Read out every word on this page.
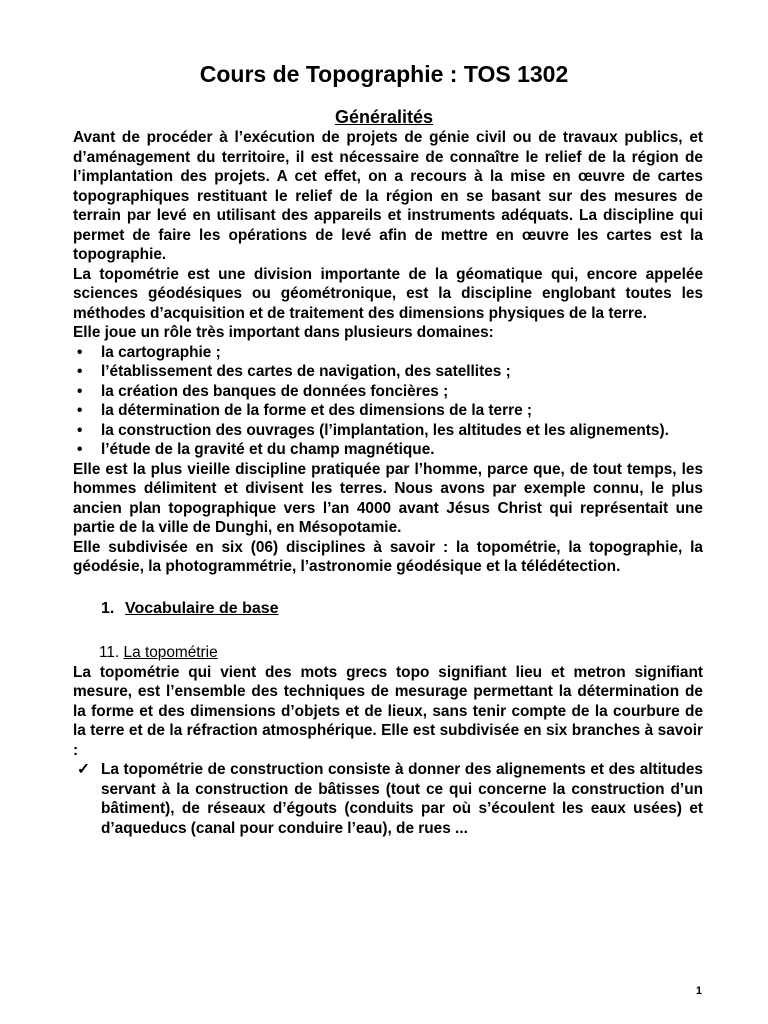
Cours de Topographie : TOS 1302
Généralités

Avant de procéder à l’exécution de projets de génie civil ou de travaux publics, et d’aménagement du territoire, il est nécessaire de connaître le relief de la région de l’implantation des projets. A cet effet, on a recours à la mise en œuvre de cartes topographiques restituant le relief de la région en se basant sur des mesures de terrain par levé en utilisant des appareils et instruments adéquats. La discipline qui permet de faire les opérations de levé afin de mettre en œuvre les cartes est la topographie.

La topométrie est une division importante de la géomatique qui, encore appelée sciences géodésiques ou géométronique, est la discipline englobant toutes les méthodes d’acquisition et de traitement des dimensions physiques de la terre.

Elle joue un rôle très important dans plusieurs domaines:

• la cartographie ;
• l’établissement des cartes de navigation, des satellites ;
• la création des banques de données foncières ;
• la détermination de la forme et des dimensions de la terre ;
• la construction des ouvrages (l’implantation, les altitudes et les alignements).
• l’étude de la gravité et du champ magnétique.

Elle est la plus vieille discipline pratiquée par l’homme, parce que, de tout temps, les hommes délimitent et divisent les terres. Nous avons par exemple connu, le plus ancien plan topographique vers l’an 4000 avant Jésus Christ qui représentait une partie de la ville de Dunghi, en Mésopotamie.

Elle subdivisée en six (06) disciplines à savoir : la topométrie, la topographie, la géodésie, la photogrammétrie, l’astronomie géodésique et la télédétection.

1. Vocabulaire de base
11. La topométrie

La topométrie qui vient des mots grecs topo signifiant lieu et metron signifiant mesure, est l’ensemble des techniques de mesurage permettant la détermination de la forme et des dimensions d’objets et de lieux, sans tenir compte de la courbure de la terre et de la réfraction atmosphérique. Elle est subdivisée en six branches à savoir :

✓ La topométrie de construction consiste à donner des alignements et des altitudes servant à la construction de bâtisses (tout ce qui concerne la construction d’un bâtiment), de réseaux d’égouts (conduits par où s’écoulent les eaux usées) et d’aqueducs (canal pour conduire l’eau), de rues ...
1
